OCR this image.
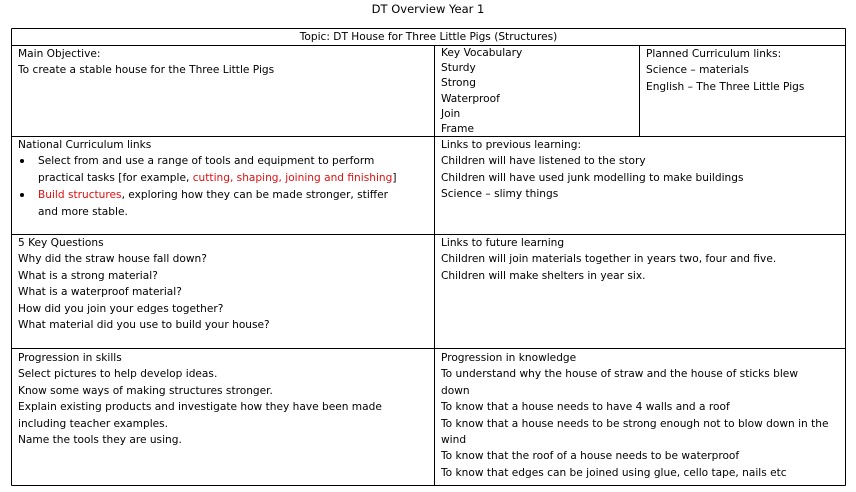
DT Overview Year 1
Topic: DT House for Three Little Pigs (Structures)
Main Objective:
To create a stable house for the Three Little Pigs
Key Vocabulary
Sturdy
Strong
Waterproof
Join
Frame
Planned Curriculum links:
Science – materials
English – The Three Little Pigs
National Curriculum links
Select from and use a range of tools and equipment to perform
practical tasks [for example, cutting, shaping, joining and finishing]
Build structures, exploring how they can be made stronger, stiffer
and more stable.
Links to previous learning:
Children will have listened to the story
Children will have used junk modelling to make buildings
Science – slimy things
5 Key Questions
Why did the straw house fall down?
What is a strong material?
What is a waterproof material?
How did you join your edges together?
What material did you use to build your house?
Links to future learning
Children will join materials together in years two, four and five.
Children will make shelters in year six.
Progression in skills
Select pictures to help develop ideas.
Know some ways of making structures stronger.
Explain existing products and investigate how they have been made
including teacher examples.
Name the tools they are using.
Progression in knowledge
To understand why the house of straw and the house of sticks blew
down
To know that a house needs to have 4 walls and a roof
To know that a house needs to be strong enough not to blow down in the
wind
To know that the roof of a house needs to be waterproof
To know that edges can be joined using glue, cello tape, nails etc
